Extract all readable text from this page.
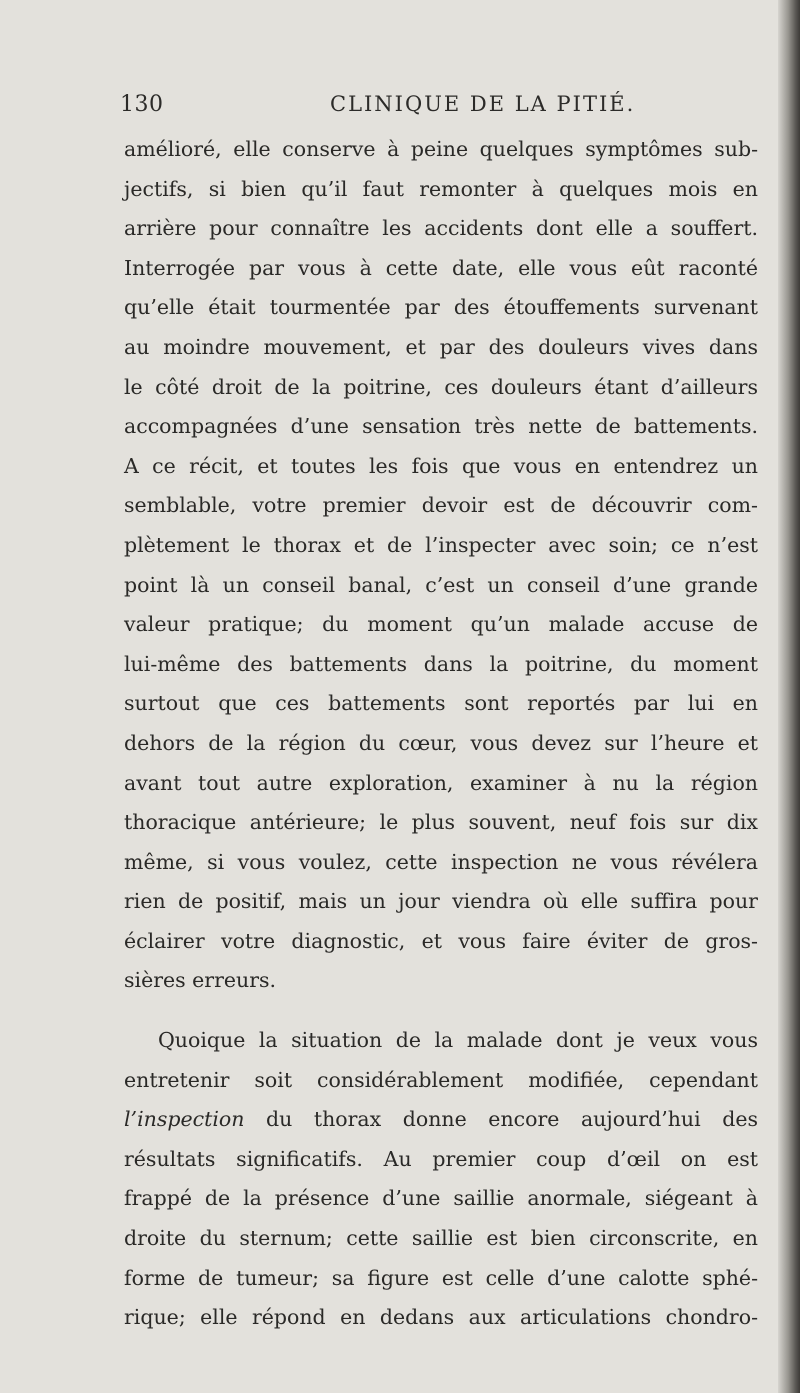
130	CLINIQUE DE LA PITIÉ.

amélioré, elle conserve à peine quelques symptômes sub-
jectifs, si bien qu’il faut remonter à quelques mois en
arrière pour connaître les accidents dont elle a souffert.
Interrogée par vous à cette date, elle vous eût raconté
qu’elle était tourmentée par des étouffements survenant
au moindre mouvement, et par des douleurs vives dans
le côté droit de la poitrine, ces douleurs étant d’ailleurs
accompagnées d’une sensation très nette de battements.
A ce récit, et toutes les fois que vous en entendrez un
semblable, votre premier devoir est de découvrir com-
plètement le thorax et de l’inspecter avec soin; ce n’est
point là un conseil banal, c’est un conseil d’une grande
valeur pratique; du moment qu’un malade accuse de
lui-même des battements dans la poitrine, du moment
surtout que ces battements sont reportés par lui en
dehors de la région du cœur, vous devez sur l’heure et
avant tout autre exploration, examiner à nu la région
thoracique antérieure; le plus souvent, neuf fois sur dix
même, si vous voulez, cette inspection ne vous révélera
rien de positif, mais un jour viendra où elle suffira pour
éclairer votre diagnostic, et vous faire éviter de gros-
sières erreurs.

Quoique la situation de la malade dont je veux vous
entretenir soit considérablement modifiée, cependant
l’inspection du thorax donne encore aujourd’hui des
résultats significatifs. Au premier coup d’œil on est
frappé de la présence d’une saillie anormale, siégeant à
droite du sternum; cette saillie est bien circonscrite, en
forme de tumeur; sa figure est celle d’une calotte sphé-
rique; elle répond en dedans aux articulations chondro-
